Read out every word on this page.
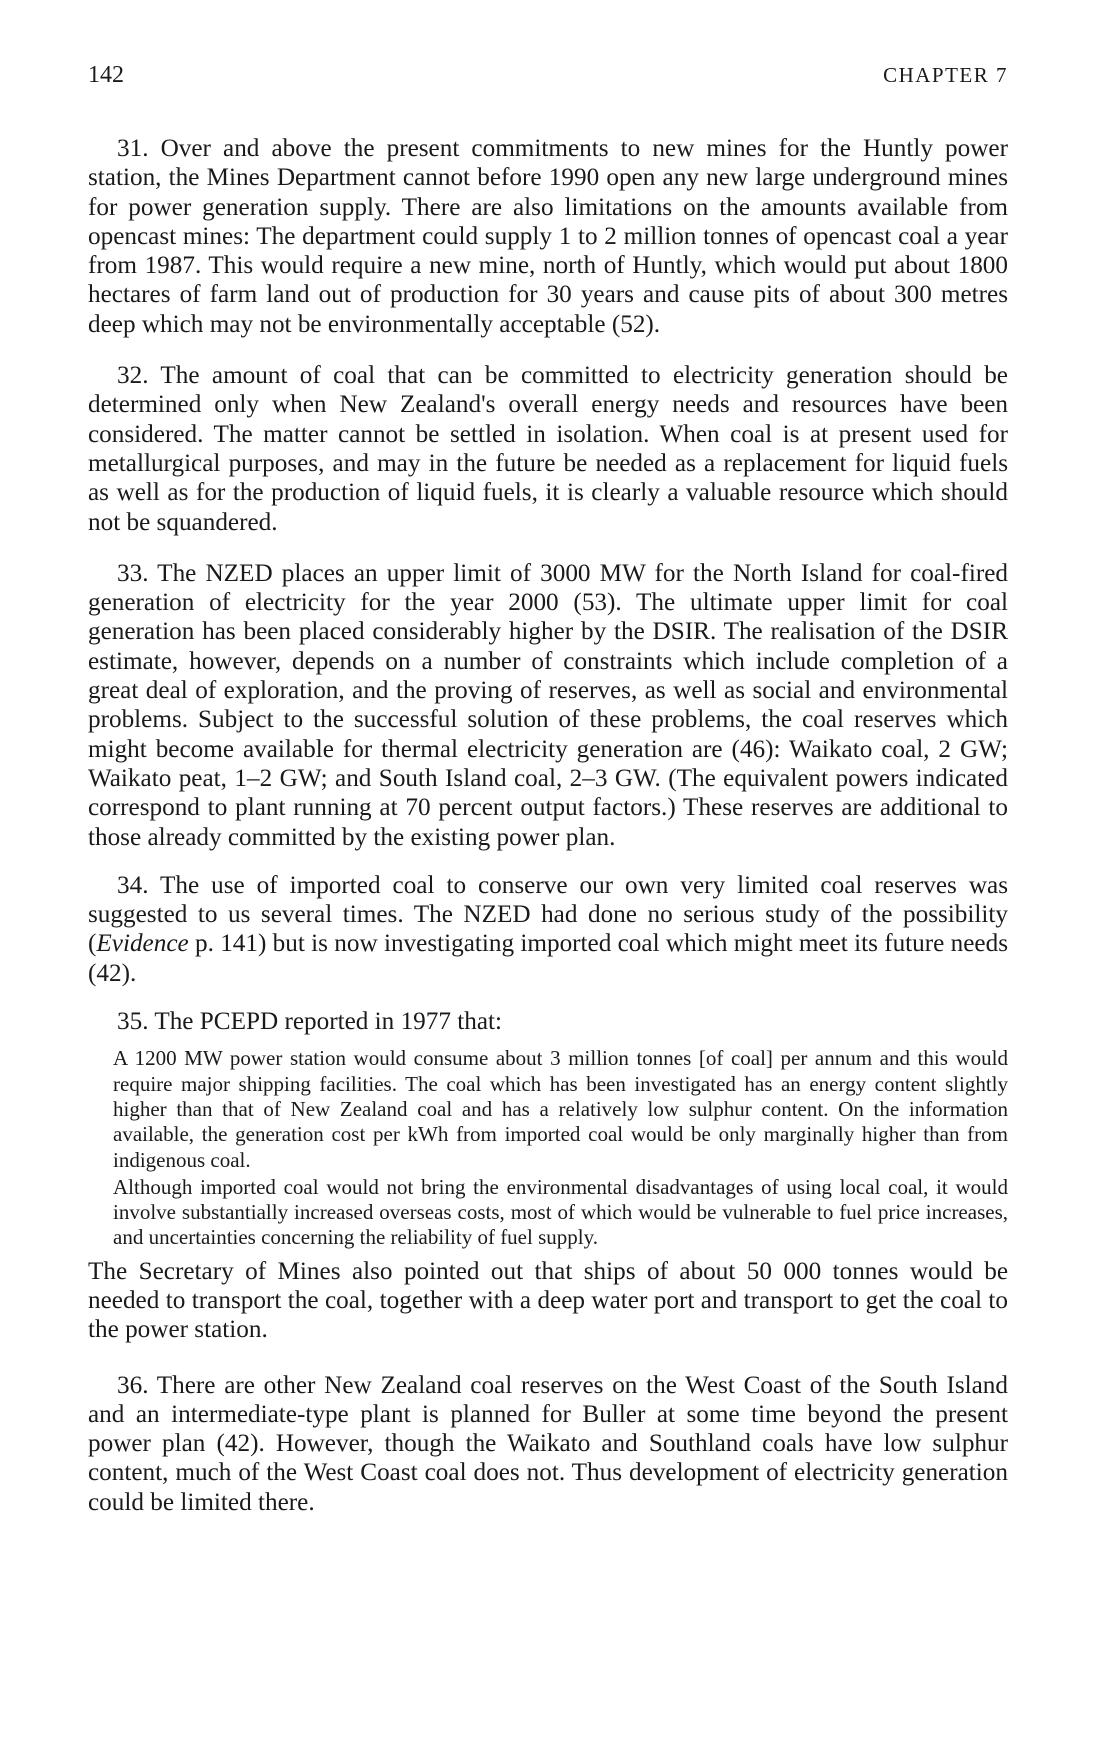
142	CHAPTER 7

31. Over and above the present commitments to new mines for the Huntly power station, the Mines Department cannot before 1990 open any new large underground mines for power generation supply. There are also limitations on the amounts available from opencast mines: The department could supply 1 to 2 million tonnes of opencast coal a year from 1987. This would require a new mine, north of Huntly, which would put about 1800 hectares of farm land out of production for 30 years and cause pits of about 300 metres deep which may not be environmentally acceptable (52).

32. The amount of coal that can be committed to electricity generation should be determined only when New Zealand's overall energy needs and resources have been considered. The matter cannot be settled in isolation. When coal is at present used for metallurgical purposes, and may in the future be needed as a replacement for liquid fuels as well as for the production of liquid fuels, it is clearly a valuable resource which should not be squandered.

33. The NZED places an upper limit of 3000 MW for the North Island for coal-fired generation of electricity for the year 2000 (53). The ultimate upper limit for coal generation has been placed considerably higher by the DSIR. The realisation of the DSIR estimate, however, depends on a number of constraints which include completion of a great deal of exploration, and the proving of reserves, as well as social and environmental problems. Subject to the successful solution of these problems, the coal reserves which might become available for thermal electricity generation are (46): Waikato coal, 2 GW; Waikato peat, 1–2 GW; and South Island coal, 2–3 GW. (The equivalent powers indicated correspond to plant running at 70 percent output factors.) These reserves are additional to those already committed by the existing power plan.

34. The use of imported coal to conserve our own very limited coal reserves was suggested to us several times. The NZED had done no serious study of the possibility (Evidence p. 141) but is now investigating imported coal which might meet its future needs (42).

35. The PCEPD reported in 1977 that:

A 1200 MW power station would consume about 3 million tonnes [of coal] per annum and this would require major shipping facilities. The coal which has been investigated has an energy content slightly higher than that of New Zealand coal and has a relatively low sulphur content. On the information available, the generation cost per kWh from imported coal would be only marginally higher than from indigenous coal.
Although imported coal would not bring the environmental disadvantages of using local coal, it would involve substantially increased overseas costs, most of which would be vulnerable to fuel price increases, and uncertainties concerning the reliability of fuel supply.

The Secretary of Mines also pointed out that ships of about 50 000 tonnes would be needed to transport the coal, together with a deep water port and transport to get the coal to the power station.

36. There are other New Zealand coal reserves on the West Coast of the South Island and an intermediate-type plant is planned for Buller at some time beyond the present power plan (42). However, though the Waikato and Southland coals have low sulphur content, much of the West Coast coal does not. Thus development of electricity generation could be limited there.
